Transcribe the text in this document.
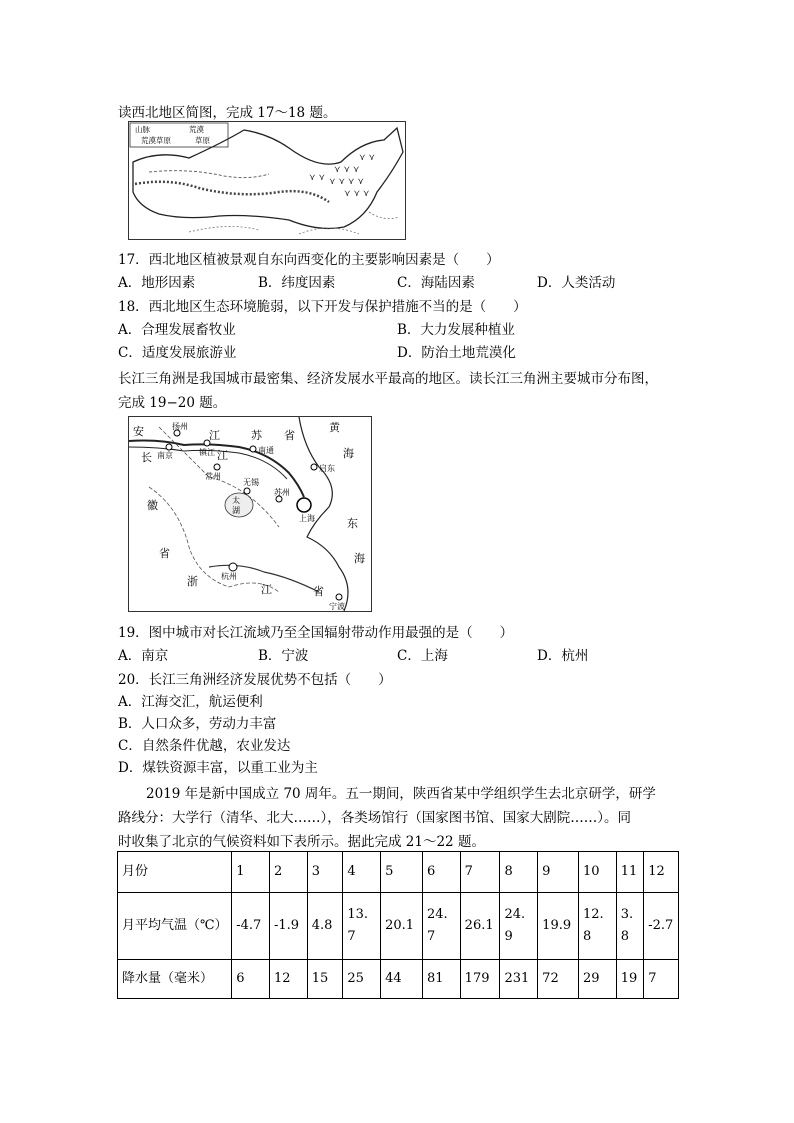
读西北地区简图，完成 17～18 题。
山脉	荒漠
荒漠草原	草原
⋎ ⋎ ⋎
⋎ ⋎ ⋎ ⋎
⋎ ⋎ ⋎
⋎ ⋎
⋎ ⋎
17．西北地区植被景观自东向西变化的主要影响因素是（　　）
A．地形因素	B．纬度因素	C．海陆因素	D．人类活动
18．西北地区生态环境脆弱，以下开发与保护措施不当的是（　　）
A．合理发展畜牧业	B．大力发展种植业
C．适度发展旅游业	D．防治土地荒漠化
长江三角洲是我国城市最密集、经济发展水平最高的地区。读长江三角洲主要城市分布图，
完成 19−20 题。
扬州
南京	镇江	南通
启东
常州
无锡
苏州
上海
杭州
宁波
太
湖
安
长
徽
省
江
江
苏 省
黄
海
东
海
浙
江	省
19．图中城市对长江流域乃至全国辐射带动作用最强的是（　　）
A．南京	B．宁波	C．上海	D．杭州
20．长江三角洲经济发展优势不包括（　　）
A．江海交汇，航运便利
B．人口众多，劳动力丰富
C．自然条件优越，农业发达
D．煤铁资源丰富，以重工业为主
2019 年是新中国成立 70 周年。五一期间，陕西省某中学组织学生去北京研学，研学
路线分：大学行（清华、北大……），各类场馆行（国家图书馆、国家大剧院……）。同
时收集了北京的气候资料如下表所示。据此完成 21～22 题。
月份	1	2	3	4	5	6	7	8	9	10	11	12
月平均气温（℃）	-4.7	-1.9	4.8	13.7	20.1	24.7	26.1	24.9	19.9	12.8	3.8	-2.7
降水量（毫米）	6	12	15	25	44	81	179	231	72	29	19	7
